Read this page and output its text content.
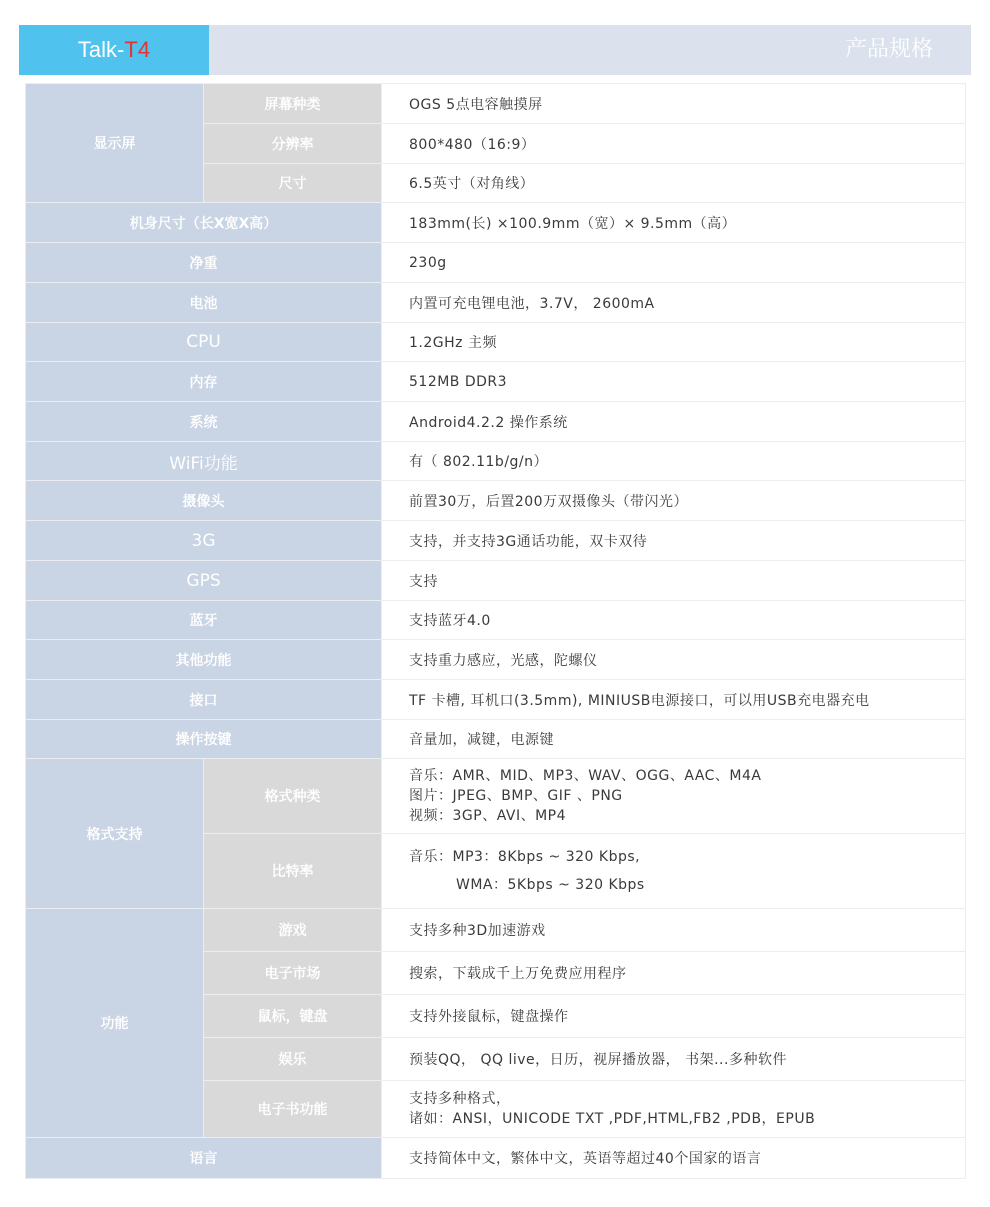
Talk-T4	产品规格
显示屏	屏幕种类	OGS 5点电容触摸屏
	分辨率	800*480（16:9）
	尺寸	6.5英寸（对角线）
机身尺寸（长X宽X高）		183mm(长) ×100.9mm（宽）× 9.5mm（高）
净重		230g
电池		内置可充电锂电池，3.7V， 2600mA
CPU		1.2GHz 主频
内存		512MB DDR3
系统		Android4.2.2 操作系统
WiFi功能		有（ 802.11b/g/n）
摄像头		前置30万，后置200万双摄像头（带闪光）
3G		支持，并支持3G通话功能，双卡双待
GPS		支持
蓝牙		支持蓝牙4.0
其他功能		支持重力感应，光感，陀螺仪
接口		TF 卡槽, 耳机口(3.5mm), MINIUSB电源接口，可以用USB充电器充电
操作按键		音量加，减键，电源键
格式支持	格式种类	音乐：AMR、MID、MP3、WAV、OGG、AAC、M4A
图片：JPEG、BMP、GIF 、PNG
视频：3GP、AVI、MP4

	比特率	音乐：MP3：8Kbps ~ 320 Kbps,
WMA：5Kbps ~ 320 Kbps

功能	游戏	支持多种3D加速游戏
	电子市场	搜索，下载成千上万免费应用程序
	鼠标，键盘	支持外接鼠标，键盘操作
	娱乐	预装QQ， QQ live，日历，视屏播放器， 书架...多种软件
	电子书功能	支持多种格式，
诸如：ANSI，UNICODE TXT ,PDF,HTML,FB2 ,PDB，EPUB

语言		支持简体中文，繁体中文，英语等超过40个国家的语言
